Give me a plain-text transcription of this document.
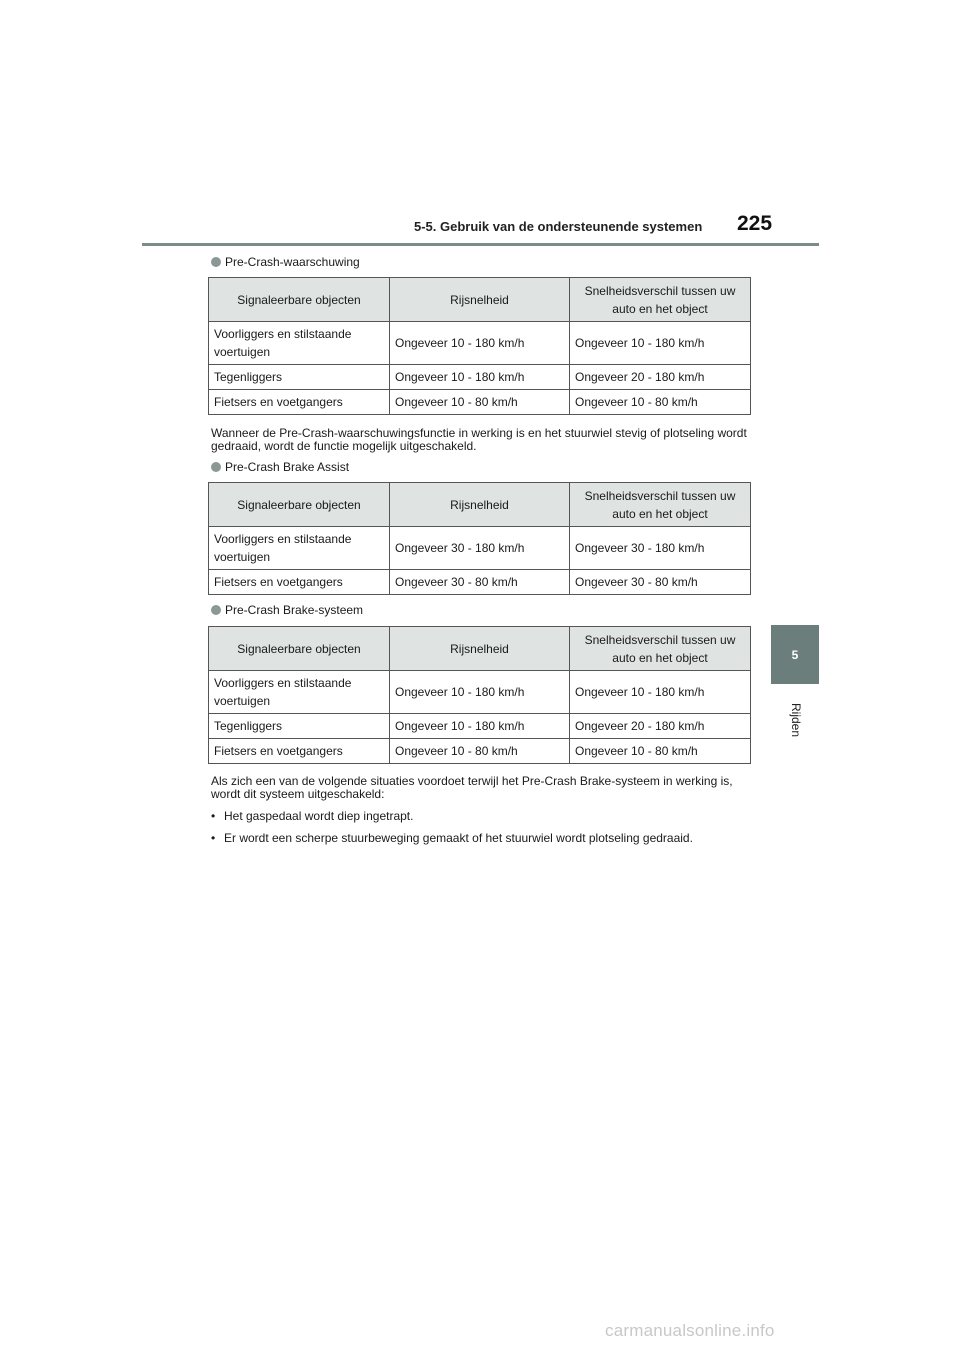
5-5. Gebruik van de ondersteunende systemen 225
5
Rijden
Pre-Crash-waarschuwing
Signaleerbare objecten	Rijsnelheid	Snelheidsverschil tussen uw auto en het object
Voorliggers en stilstaande voertuigen	Ongeveer 10 - 180 km/h	Ongeveer 10 - 180 km/h
Tegenliggers	Ongeveer 10 - 180 km/h	Ongeveer 20 - 180 km/h
Fietsers en voetgangers	Ongeveer 10 - 80 km/h	Ongeveer 10 - 80 km/h
Wanneer de Pre-Crash-waarschuwingsfunctie in werking is en het stuurwiel stevig of plotseling wordt gedraaid, wordt de functie mogelijk uitgeschakeld.
Pre-Crash Brake Assist
Signaleerbare objecten	Rijsnelheid	Snelheidsverschil tussen uw auto en het object
Voorliggers en stilstaande voertuigen	Ongeveer 30 - 180 km/h	Ongeveer 30 - 180 km/h
Fietsers en voetgangers	Ongeveer 30 - 80 km/h	Ongeveer 30 - 80 km/h
Pre-Crash Brake-systeem
Signaleerbare objecten	Rijsnelheid	Snelheidsverschil tussen uw auto en het object
Voorliggers en stilstaande voertuigen	Ongeveer 10 - 180 km/h	Ongeveer 10 - 180 km/h
Tegenliggers	Ongeveer 10 - 180 km/h	Ongeveer 20 - 180 km/h
Fietsers en voetgangers	Ongeveer 10 - 80 km/h	Ongeveer 10 - 80 km/h
Als zich een van de volgende situaties voordoet terwijl het Pre-Crash Brake-systeem in werking is, wordt dit systeem uitgeschakeld:
• Het gaspedaal wordt diep ingetrapt.
• Er wordt een scherpe stuurbeweging gemaakt of het stuurwiel wordt plotseling gedraaid.
carmanualsonline.info
